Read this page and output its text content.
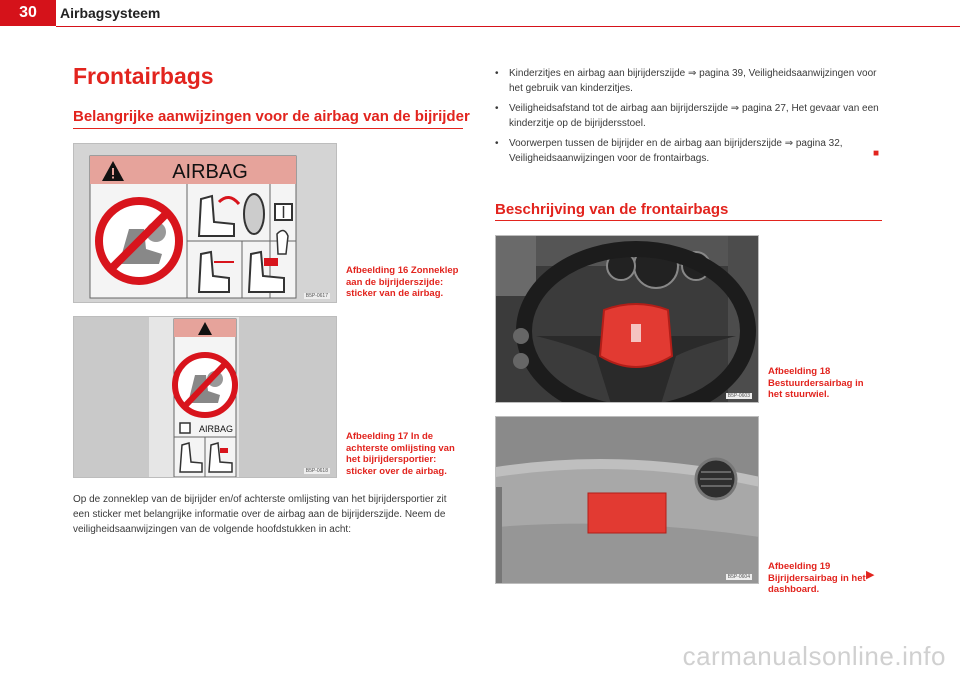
30	Airbagsysteem
Frontairbags
Belangrijke aanwijzingen voor de airbag van de bijrijder
AIRBAG
B5P-0617
Afbeelding 16 Zonneklep aan de bijrijderszijde: sticker van de airbag.
AIRBAG
B5P-0618
Afbeelding 17 In de achterste omlijsting van het bijrijdersportier: sticker over de airbag.
Op de zonneklep van de bijrijder en/of achterste omlijsting van het bijrijdersportier zit een sticker met belangrijke informatie over de airbag aan de bijrijderszijde. Neem de veiligheidsaanwijzingen van de volgende hoofdstukken in acht:
•	Kinderzitjes en airbag aan bijrijderszijde ⇒ pagina 39, Veiligheidsaanwijzingen voor het gebruik van kinderzitjes.
•	Veiligheidsafstand tot de airbag aan bijrijderszijde ⇒ pagina 27, Het gevaar van een kinderzitje op de bijrijdersstoel.
•	Voorwerpen tussen de bijrijder en de airbag aan bijrijderszijde ⇒ pagina 32, Veiligheidsaanwijzingen voor de frontairbags.	■
Beschrijving van de frontairbags
B5P-0603
Afbeelding 18 Bestuurdersairbag in het stuurwiel.
B5P-0604
Afbeelding 19 Bijrijdersairbag in het dashboard.
▶
carmanualsonline.info
